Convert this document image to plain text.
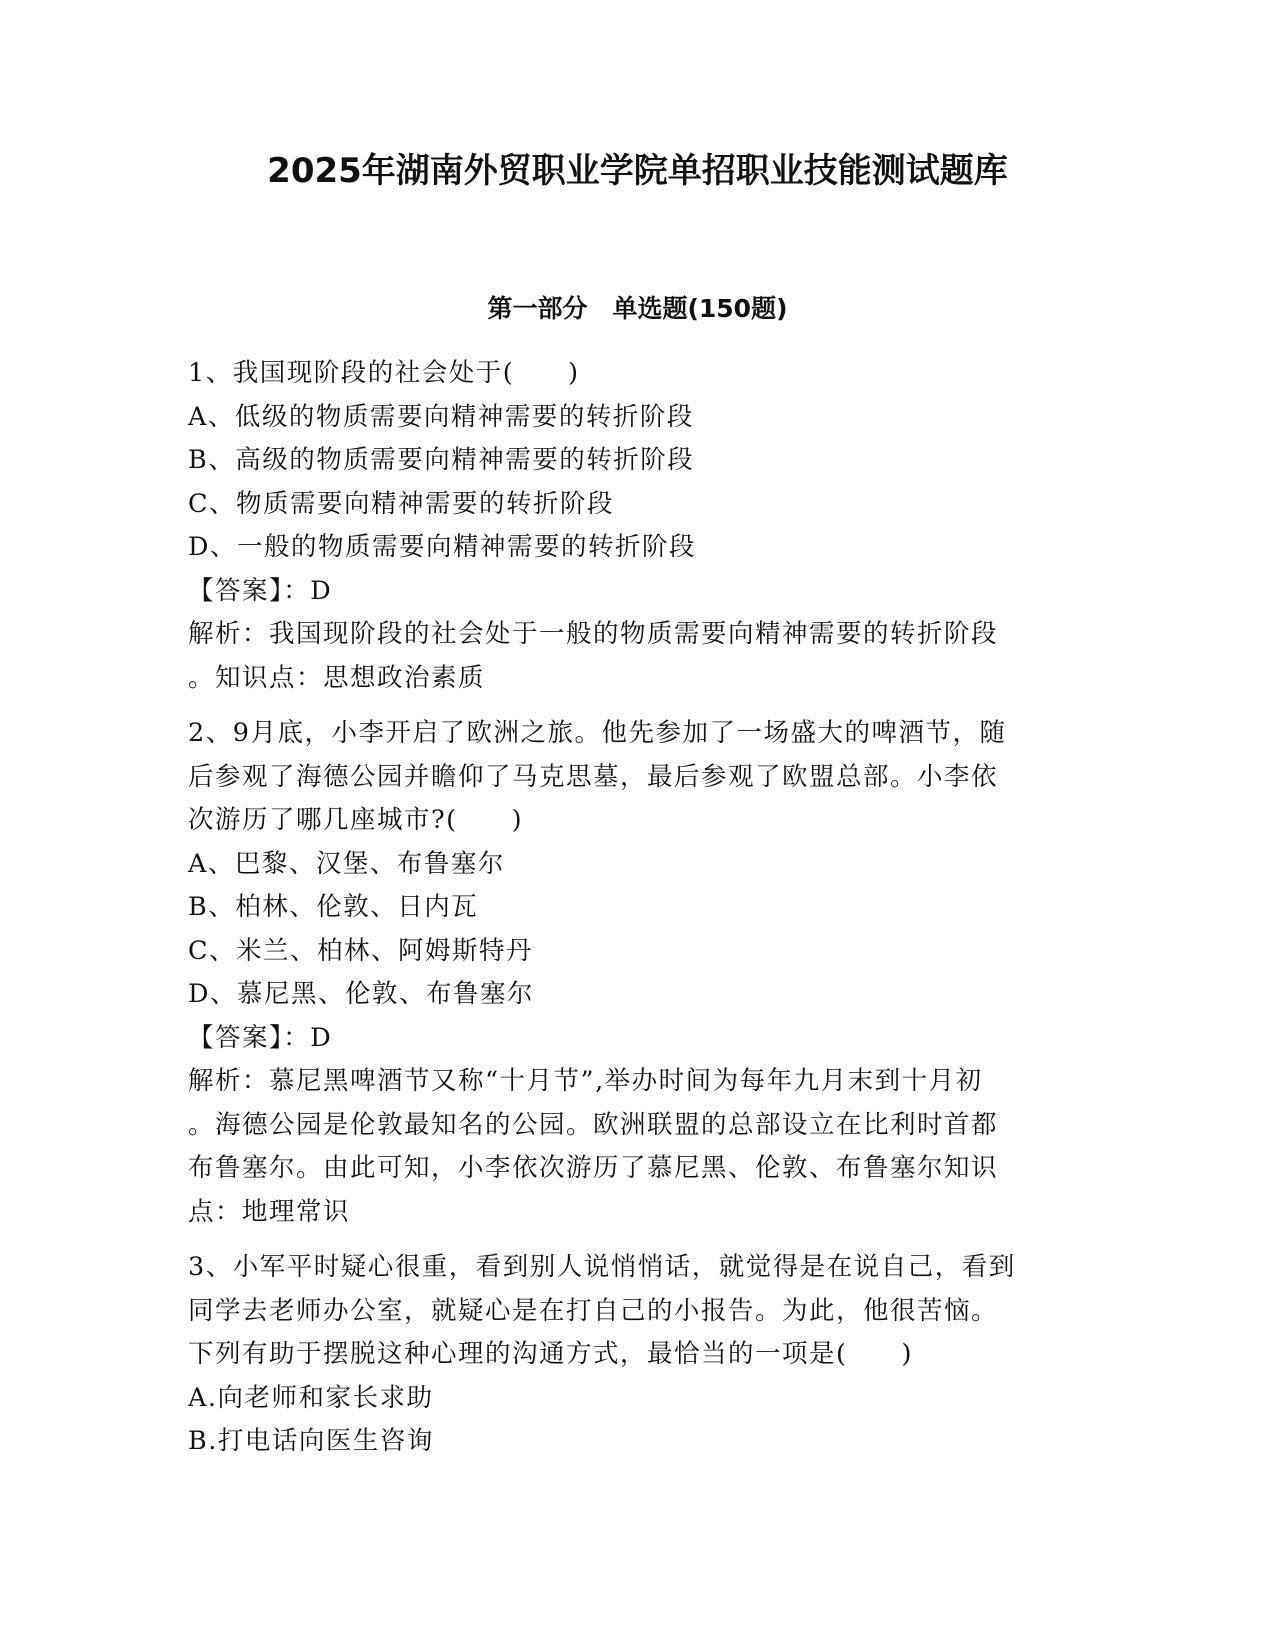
2025年湖南外贸职业学院单招职业技能测试题库
第一部分　单选题(150题)
1、我国现阶段的社会处于(　　)
A、低级的物质需要向精神需要的转折阶段
B、高级的物质需要向精神需要的转折阶段
C、物质需要向精神需要的转折阶段
D、一般的物质需要向精神需要的转折阶段
【答案】：D
解析：我国现阶段的社会处于一般的物质需要向精神需要的转折阶段
。知识点：思想政治素质
2、9月底，小李开启了欧洲之旅。他先参加了一场盛大的啤酒节，随
后参观了海德公园并瞻仰了马克思墓，最后参观了欧盟总部。小李依
次游历了哪几座城市?(　　)
A、巴黎、汉堡、布鲁塞尔
B、柏林、伦敦、日内瓦
C、米兰、柏林、阿姆斯特丹
D、慕尼黑、伦敦、布鲁塞尔
【答案】：D
解析：慕尼黑啤酒节又称“十月节”,举办时间为每年九月末到十月初
。海德公园是伦敦最知名的公园。欧洲联盟的总部设立在比利时首都
布鲁塞尔。由此可知，小李依次游历了慕尼黑、伦敦、布鲁塞尔知识
点：地理常识
3、小军平时疑心很重，看到别人说悄悄话，就觉得是在说自己，看到
同学去老师办公室，就疑心是在打自己的小报告。为此，他很苦恼。
下列有助于摆脱这种心理的沟通方式，最恰当的一项是(　　)
A.向老师和家长求助
B.打电话向医生咨询
